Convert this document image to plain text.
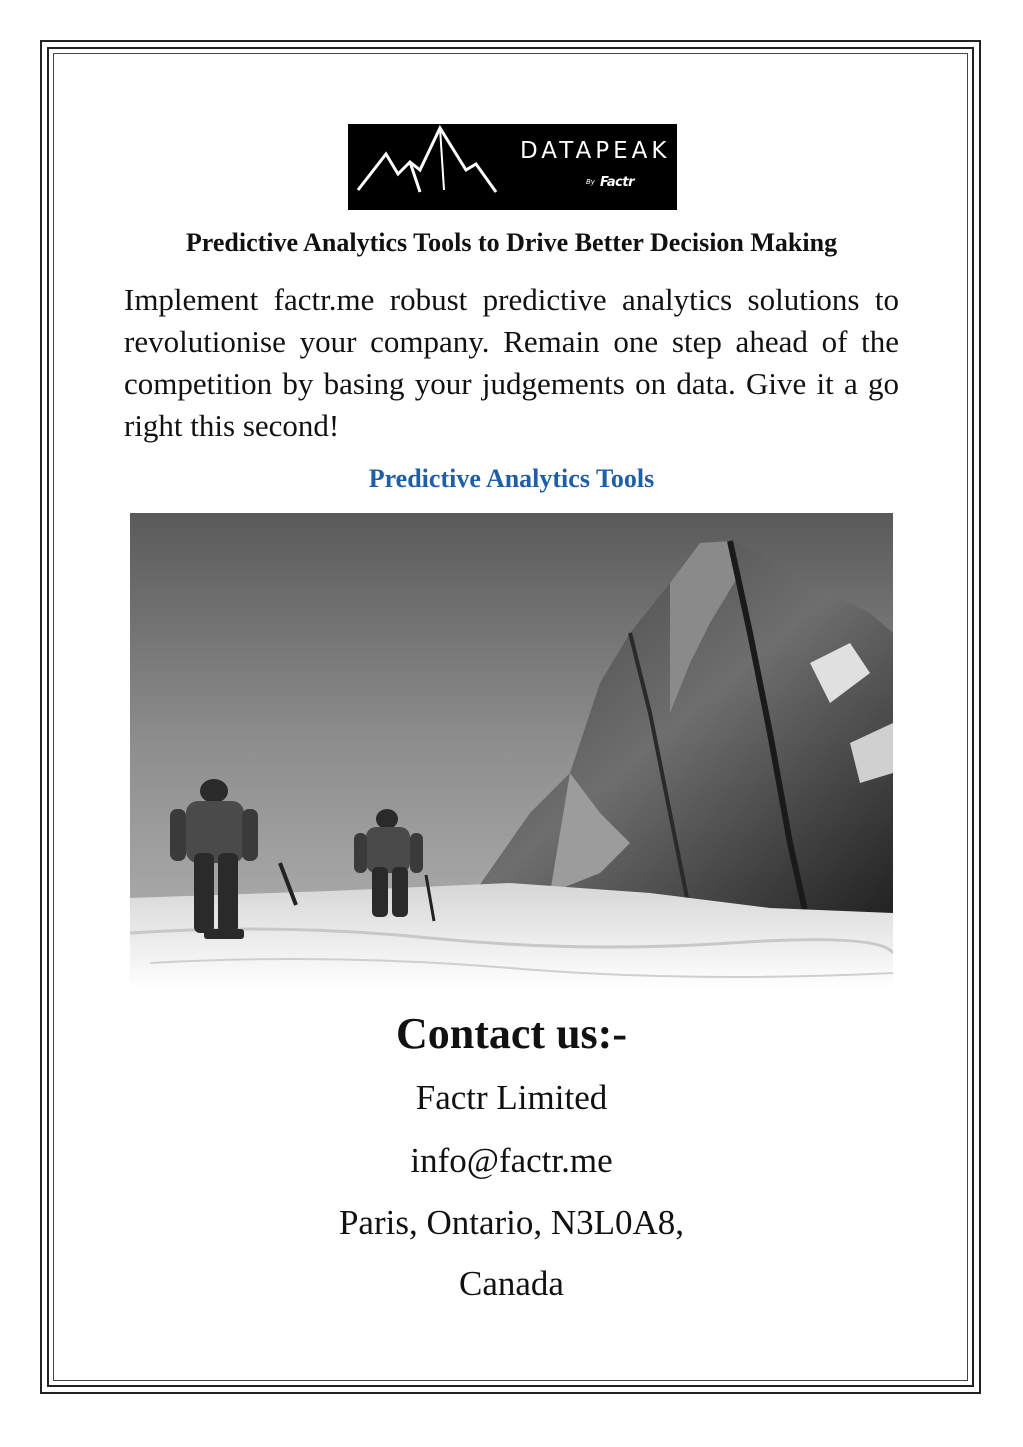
DATAPEAK
By Factr
Predictive Analytics Tools to Drive Better Decision Making
Implement factr.me robust predictive analytics solutions to revolutionise your company. Remain one step ahead of the competition by basing your judgements on data. Give it a go right this second!
Predictive Analytics Tools
Contact us:-
Factr Limited
info@factr.me
Paris, Ontario, N3L0A8,
Canada
